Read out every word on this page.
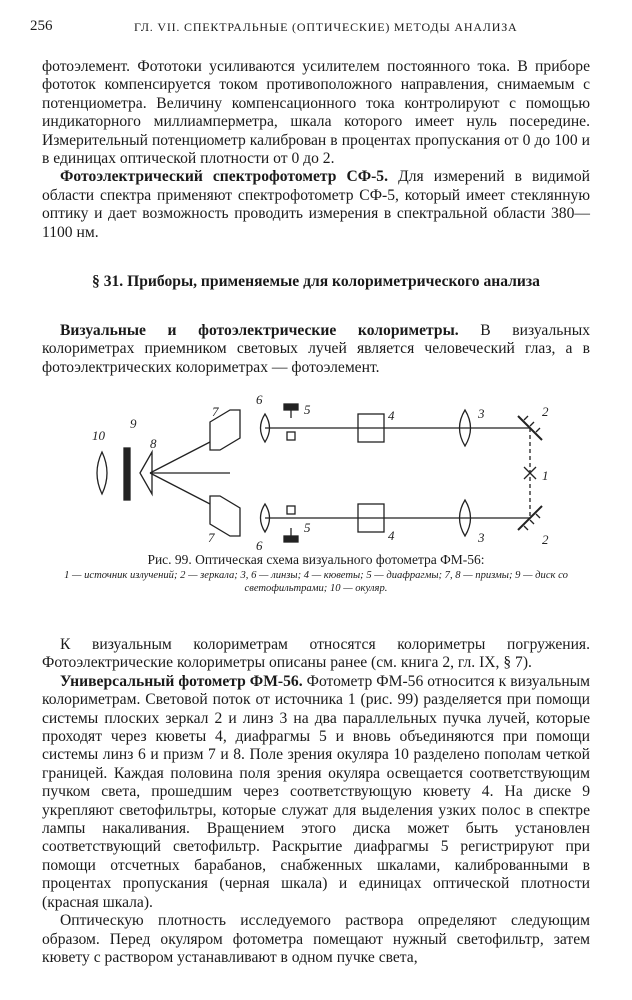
256	ГЛ. VII. СПЕКТРАЛЬНЫЕ (ОПТИЧЕСКИЕ) МЕТОДЫ АНАЛИЗА

фотоэлемент. Фототоки усиливаются усилителем постоянного тока. В приборе фототок компенсируется током противоположного направления, снимаемым с потенциометра. Величину компенсационного тока контролируют с помощью индикаторного миллиамперметра, шкала которого имеет нуль посередине. Измерительный потенциометр калиброван в процентах пропускания от 0 до 100 и в единицах оптической плотности от 0 до 2.

Фотоэлектрический спектрофотометр СФ-5. Для измерений в видимой области спектра применяют спектрофотометр СФ-5, который имеет стеклянную оптику и дает возможность проводить измерения в спектральной области 380—1100 нм.

§ 31. Приборы, применяемые для колориметрического анализа

Визуальные и фотоэлектрические колориметры. В визуальных колориметрах приемником световых лучей является человеческий глаз, а в фотоэлектрических колориметрах — фотоэлемент.

10
9
8
7
7
6
6
5
5
4
4
3
3
2
2
1
Рис. 99. Оптическая схема визуального фотометра ФМ-56:
1 — источник излучений; 2 — зеркала; 3, 6 — линзы; 4 — кюветы; 5 — диафрагмы; 7, 8 — призмы; 9 — диск со светофильтрами; 10 — окуляр.

К визуальным колориметрам относятся колориметры погружения. Фотоэлектрические колориметры описаны ранее (см. книга 2, гл. IX, § 7).

Универсальный фотометр ФМ-56. Фотометр ФМ-56 относится к визуальным колориметрам. Световой поток от источника 1 (рис. 99) разделяется при помощи системы плоских зеркал 2 и линз 3 на два параллельных пучка лучей, которые проходят через кюветы 4, диафрагмы 5 и вновь объединяются при помощи системы линз 6 и призм 7 и 8. Поле зрения окуляра 10 разделено пополам четкой границей. Каждая половина поля зрения окуляра освещается соответствующим пучком света, прошедшим через соответствующую кювету 4. На диске 9 укрепляют светофильтры, которые служат для выделения узких полос в спектре лампы накаливания. Вращением этого диска может быть установлен соответствующий светофильтр. Раскрытие диафрагмы 5 регистрируют при помощи отсчетных барабанов, снабженных шкалами, калиброванными в процентах пропускания (черная шкала) и единицах оптической плотности (красная шкала).

Оптическую плотность исследуемого раствора определяют следующим образом. Перед окуляром фотометра помещают нужный светофильтр, затем кювету с раствором устанавливают в одном пучке света,
